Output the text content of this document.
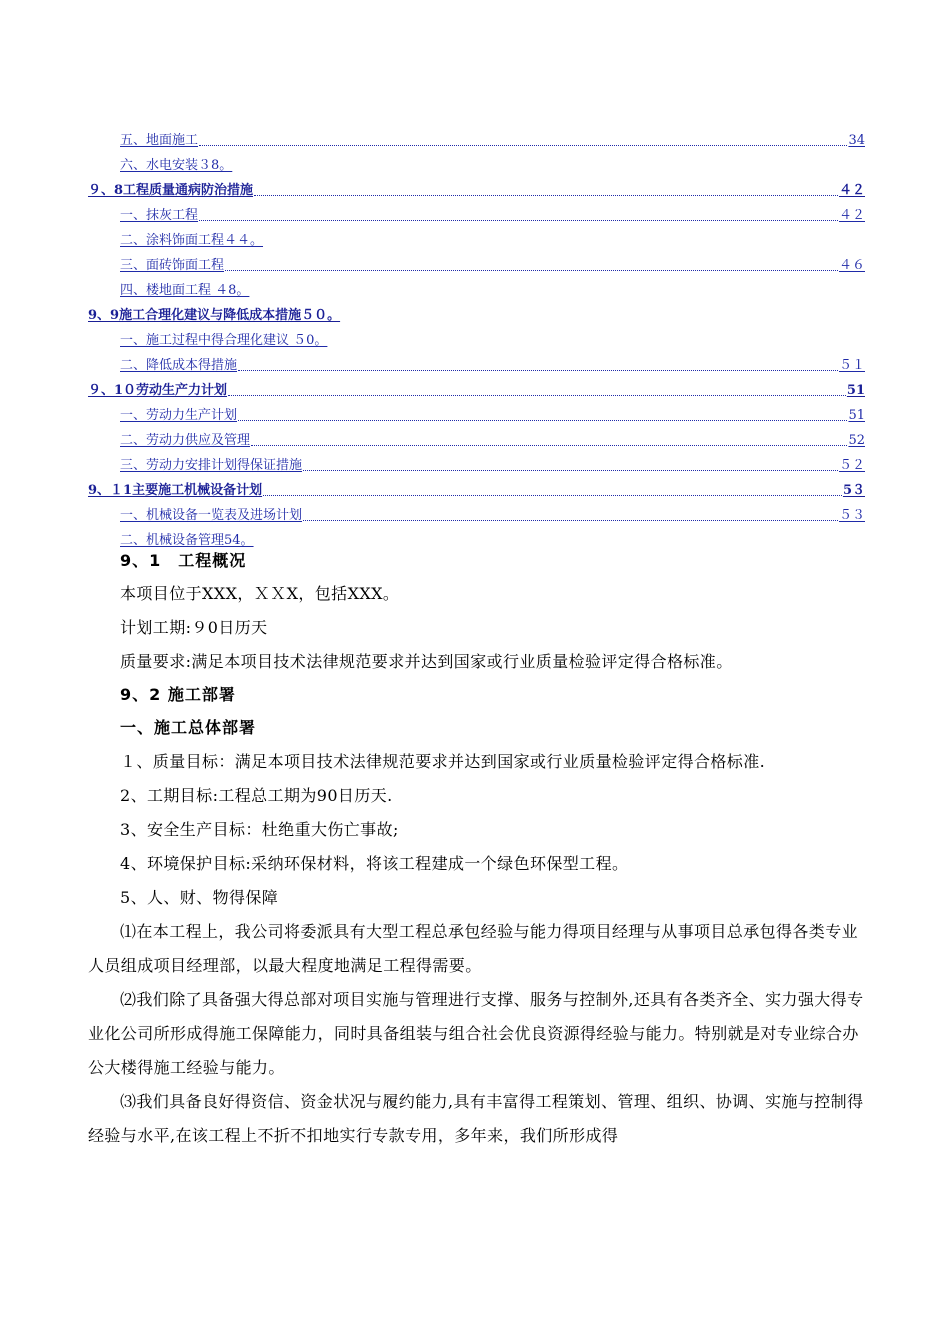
五、地面施工	34
六、水电安装３8。
９、8工程质量通病防治措施	４２
一、抹灰工程	４２
二、涂料饰面工程４４。
三、面砖饰面工程	４６
四、楼地面工程 ４8。
9、9施工合理化建议与降低成本措施５０。
一、施工过程中得合理化建议 ５0。
二、降低成本得措施	５１
９、1０劳动生产力计划	51
一、劳动力生产计划	51
二、劳动力供应及管理	52
三、劳动力安排计划得保证措施	５２
9、１1主要施工机械设备计划	5３
一、机械设备一览表及进场计划	５３
二、机械设备管理54。
9、1　工程概况

本项目位于XXX，ＸＸX，包括XXX。

计划工期:９0日历天

质量要求:满足本项目技术法律规范要求并达到国家或行业质量检验评定得合格标准。

9、2 施工部署
一、施工总体部署

１、质量目标：满足本项目技术法律规范要求并达到国家或行业质量检验评定得合格标准.

2、工期目标:工程总工期为90日历天.

3、安全生产目标：杜绝重大伤亡事故;

4、环境保护目标:采纳环保材料，将该工程建成一个绿色环保型工程。

5、人、财、物得保障

⑴在本工程上，我公司将委派具有大型工程总承包经验与能力得项目经理与从事项目总承包得各类专业人员组成项目经理部，以最大程度地满足工程得需要。

⑵我们除了具备强大得总部对项目实施与管理进行支撑、服务与控制外,还具有各类齐全、实力强大得专业化公司所形成得施工保障能力，同时具备组装与组合社会优良资源得经验与能力。特别就是对专业综合办公大楼得施工经验与能力。

⑶我们具备良好得资信、资金状况与履约能力,具有丰富得工程策划、管理、组织、协调、实施与控制得经验与水平,在该工程上不折不扣地实行专款专用，多年来，我们所形成得
